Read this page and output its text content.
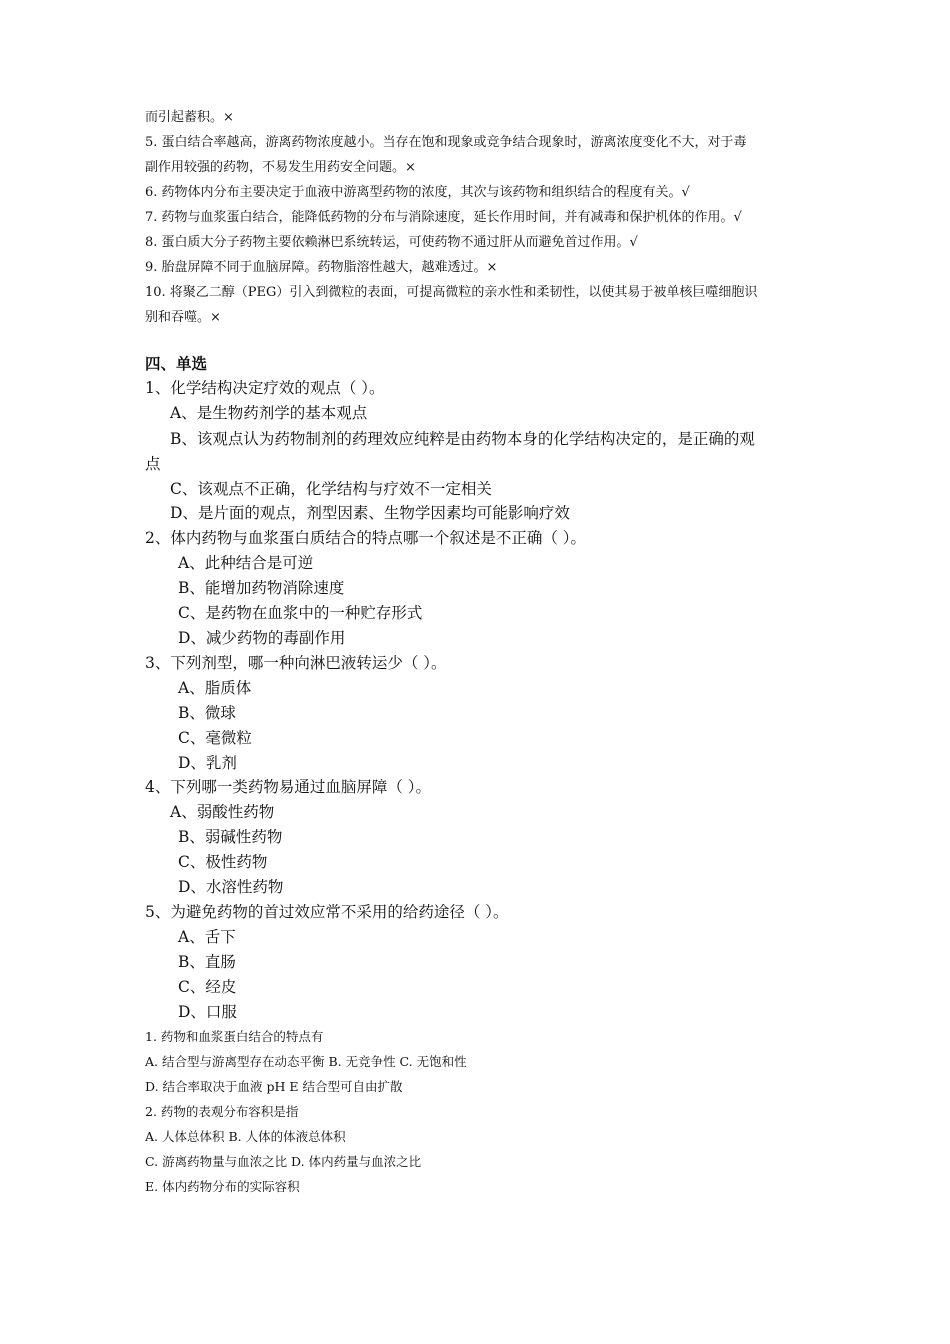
而引起蓄积。×
5. 蛋白结合率越高，游离药物浓度越小。当存在饱和现象或竞争结合现象时，游离浓度变化不大，对于毒
副作用较强的药物，不易发生用药安全问题。×
6. 药物体内分布主要决定于血液中游离型药物的浓度，其次与该药物和组织结合的程度有关。√
7. 药物与血浆蛋白结合，能降低药物的分布与消除速度，延长作用时间，并有减毒和保护机体的作用。√
8. 蛋白质大分子药物主要依赖淋巴系统转运，可使药物不通过肝从而避免首过作用。√
9. 胎盘屏障不同于血脑屏障。药物脂溶性越大，越难透过。×
10. 将聚乙二醇（PEG）引入到微粒的表面，可提高微粒的亲水性和柔韧性，以使其易于被单核巨噬细胞识
别和吞噬。×
四、单选
1、化学结构决定疗效的观点（ ）。
A、是生物药剂学的基本观点
B、该观点认为药物制剂的药理效应纯粹是由药物本身的化学结构决定的，是正确的观
点
C、该观点不正确，化学结构与疗效不一定相关
D、是片面的观点，剂型因素、生物学因素均可能影响疗效
2、体内药物与血浆蛋白质结合的特点哪一个叙述是不正确（ ）。
A、此种结合是可逆
B、能增加药物消除速度
C、是药物在血浆中的一种贮存形式
D、减少药物的毒副作用
3、下列剂型，哪一种向淋巴液转运少（ ）。
A、脂质体
B、微球
C、毫微粒
D、乳剂
4、下列哪一类药物易通过血脑屏障（ ）。
A、弱酸性药物
B、弱碱性药物
C、极性药物
D、水溶性药物
5、为避免药物的首过效应常不采用的给药途径（ ）。
A、舌下
B、直肠
C、经皮
D、口服
1. 药物和血浆蛋白结合的特点有
A. 结合型与游离型存在动态平衡 B. 无竞争性 C. 无饱和性
D. 结合率取决于血液 pH E 结合型可自由扩散
2. 药物的表观分布容积是指
A. 人体总体积 B. 人体的体液总体积
C. 游离药物量与血浓之比 D. 体内药量与血浓之比
E. 体内药物分布的实际容积
